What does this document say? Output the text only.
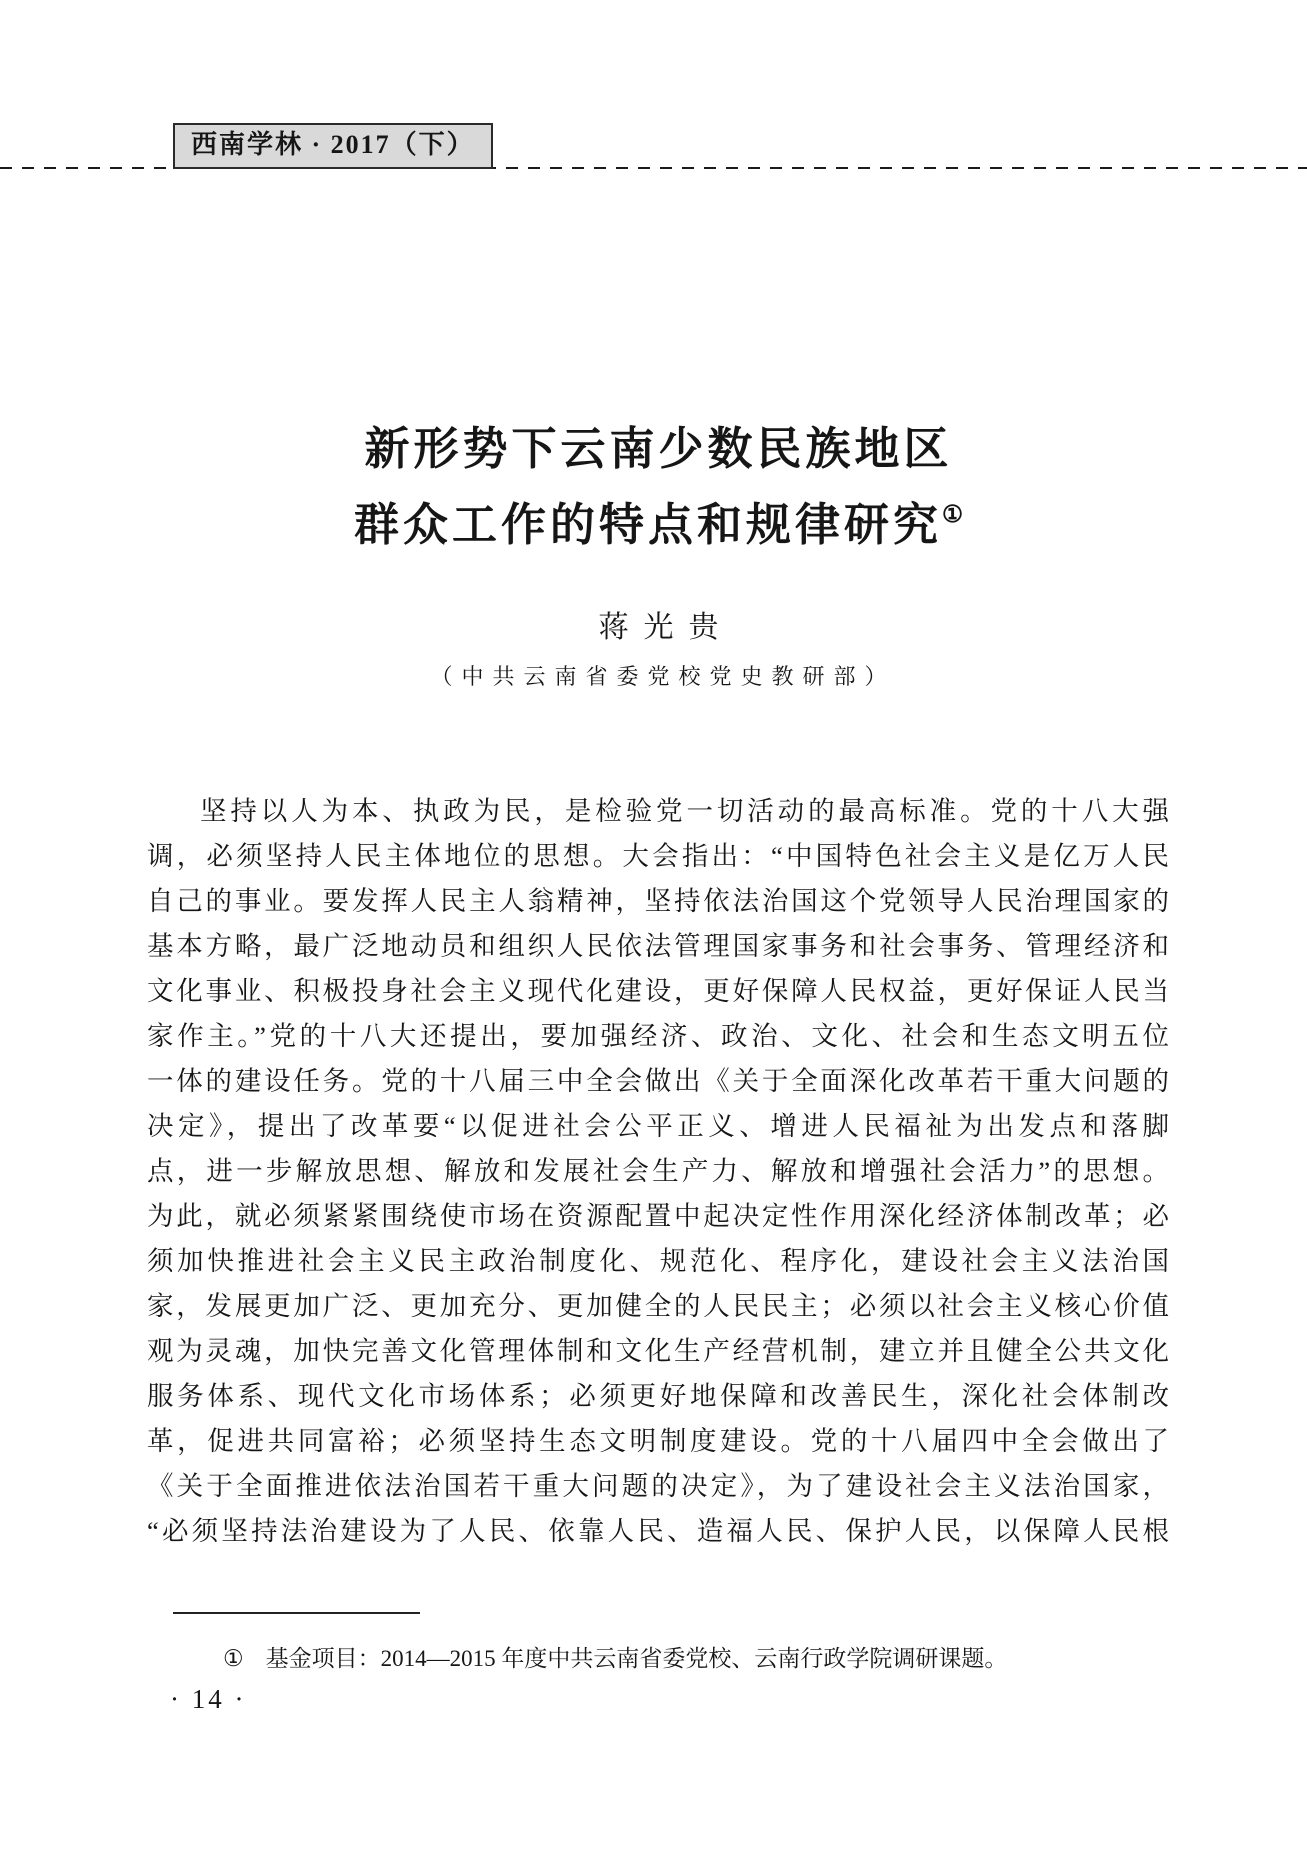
西南学林 · 2017（下）
新形势下云南少数民族地区
群众工作的特点和规律研究①
蒋光贵
（中共云南省委党校党史教研部）
坚持以人为本、执政为民，是检验党一切活动的最高标准。党的十八大强
调，必须坚持人民主体地位的思想。大会指出：“中国特色社会主义是亿万人民
自己的事业。要发挥人民主人翁精神，坚持依法治国这个党领导人民治理国家的
基本方略，最广泛地动员和组织人民依法管理国家事务和社会事务、管理经济和
文化事业、积极投身社会主义现代化建设，更好保障人民权益，更好保证人民当
家作主。”党的十八大还提出，要加强经济、政治、文化、社会和生态文明五位
一体的建设任务。党的十八届三中全会做出《关于全面深化改革若干重大问题的
决定》，提出了改革要“以促进社会公平正义、增进人民福祉为出发点和落脚
点，进一步解放思想、解放和发展社会生产力、解放和增强社会活力”的思想。
为此，就必须紧紧围绕使市场在资源配置中起决定性作用深化经济体制改革；必
须加快推进社会主义民主政治制度化、规范化、程序化，建设社会主义法治国
家，发展更加广泛、更加充分、更加健全的人民民主；必须以社会主义核心价值
观为灵魂，加快完善文化管理体制和文化生产经营机制，建立并且健全公共文化
服务体系、现代文化市场体系；必须更好地保障和改善民生，深化社会体制改
革，促进共同富裕；必须坚持生态文明制度建设。党的十八届四中全会做出了
《关于全面推进依法治国若干重大问题的决定》，为了建设社会主义法治国家，
“必须坚持法治建设为了人民、依靠人民、造福人民、保护人民，以保障人民根
① 基金项目：2014—2015 年度中共云南省委党校、云南行政学院调研课题。
· 14 ·
